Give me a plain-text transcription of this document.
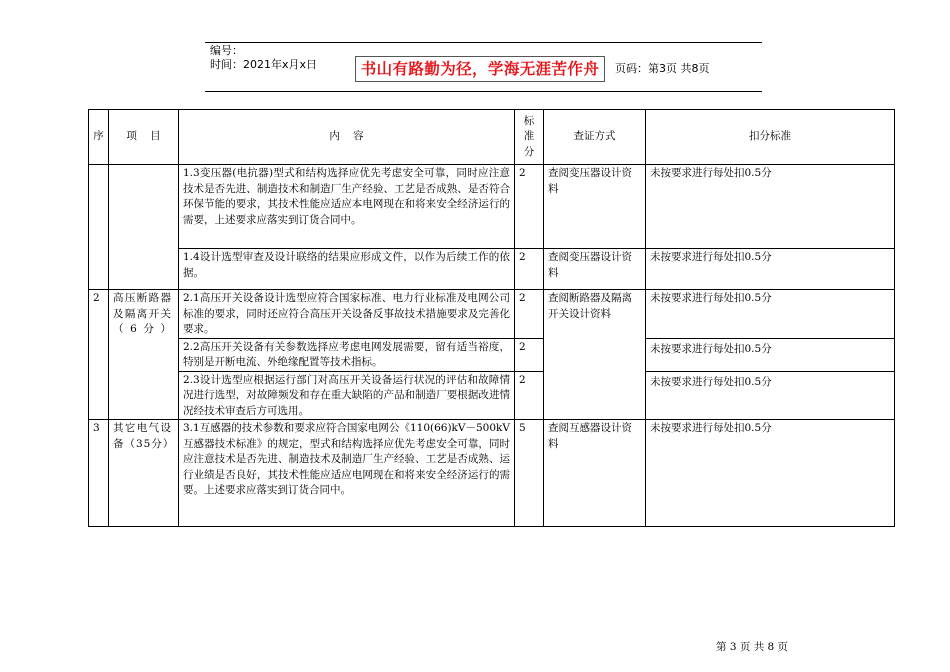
编号：
时间：2021年x月x日	书山有路勤为径，学海无涯苦作舟	页码：第3页 共8页
序	项    目	内    容	标准分	查证方式	扣分标准
		1.3变压器(电抗器)型式和结构选择应优先考虑安全可靠，同时应注意技术是否先进、制造技术和制造厂生产经验、工艺是否成熟、是否符合环保节能的要求，其技术性能应适应本电网现在和将来安全经济运行的需要，上述要求应落实到订货合同中。	2	查阅变压器设计资料	未按要求进行每处扣0.5分
		1.4设计选型审查及设计联络的结果应形成文件，以作为后续工作的依据。	2	查阅变压器设计资料	未按要求进行每处扣0.5分
2	高压断路器及隔离开关（6分）	2.1高压开关设备设计选型应符合国家标准、电力行业标准及电网公司标准的要求，同时还应符合高压开关设备反事故技术措施要求及完善化要求。	2	查阅断路器及隔离开关设计资料	未按要求进行每处扣0.5分
		2.2高压开关设备有关参数选择应考虑电网发展需要，留有适当裕度，特别是开断电流、外绝缘配置等技术指标。	2		未按要求进行每处扣0.5分
		2.3设计选型应根据运行部门对高压开关设备运行状况的评估和故障情况进行选型，对故障频发和存在重大缺陷的产品和制造厂要根据改进情况经技术审查后方可选用。	2		未按要求进行每处扣0.5分
3	其它电气设备（35分）	3.1互感器的技术参数和要求应符合国家电网公《110(66)kV－500kV互感器技术标准》的规定，型式和结构选择应优先考虑安全可靠，同时应注意技术是否先进、制造技术及制造厂生产经验、工艺是否成熟、运行业绩是否良好，其技术性能应适应电网现在和将来安全经济运行的需要。上述要求应落实到订货合同中。	5	查阅互感器设计资料	未按要求进行每处扣0.5分
第 3 页 共 8 页
